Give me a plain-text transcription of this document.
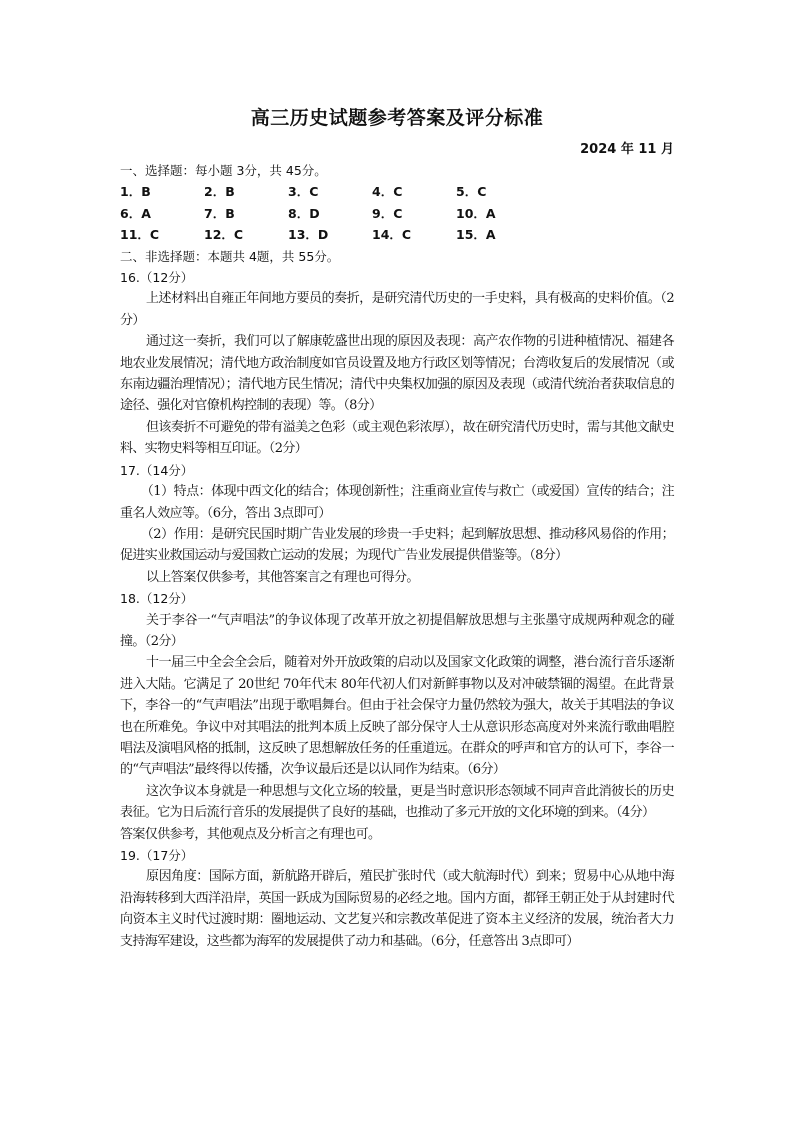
高三历史试题参考答案及评分标准
2024 年 11 月

一、选择题：每小题 3分，共 45分。

1．B	2．B	3．C	4．C	5．C
6．A	7．B	8．D	9．C	10．A
11．C	12．C	13．D	14．C	15．A

二、非选择题：本题共 4题，共 55分。

16.（12分）

上述材料出自雍正年间地方要员的奏折，是研究清代历史的一手史料，具有极高的史料价值。（2分）

通过这一奏折，我们可以了解康乾盛世出现的原因及表现：高产农作物的引进种植情况、福建各地农业发展情况；清代地方政治制度如官员设置及地方行政区划等情况；台湾收复后的发展情况（或东南边疆治理情况）；清代地方民生情况；清代中央集权加强的原因及表现（或清代统治者获取信息的途径、强化对官僚机构控制的表现）等。（8分）

但该奏折不可避免的带有溢美之色彩（或主观色彩浓厚），故在研究清代历史时，需与其他文献史料、实物史料等相互印证。（2分）

17.（14分）

（1）特点：体现中西文化的结合；体现创新性；注重商业宣传与救亡（或爱国）宣传的结合；注重名人效应等。（6分，答出 3点即可）

（2）作用：是研究民国时期广告业发展的珍贵一手史料；起到解放思想、推动移风易俗的作用；促进实业救国运动与爱国救亡运动的发展；为现代广告业发展提供借鉴等。（8分）

以上答案仅供参考，其他答案言之有理也可得分。

18.（12分）

关于李谷一“气声唱法”的争议体现了改革开放之初提倡解放思想与主张墨守成规两种观念的碰撞。（2分）

十一届三中全会全会后，随着对外开放政策的启动以及国家文化政策的调整，港台流行音乐逐渐进入大陆。它满足了 20世纪 70年代末 80年代初人们对新鲜事物以及对冲破禁锢的渴望。在此背景下，李谷一的“气声唱法”出现于歌唱舞台。但由于社会保守力量仍然较为强大，故关于其唱法的争议也在所难免。争议中对其唱法的批判本质上反映了部分保守人士从意识形态高度对外来流行歌曲唱腔唱法及演唱风格的抵制，这反映了思想解放任务的任重道远。在群众的呼声和官方的认可下，李谷一的“气声唱法”最终得以传播，次争议最后还是以认同作为结束。（6分）

这次争议本身就是一种思想与文化立场的较量，更是当时意识形态领域不同声音此消彼长的历史表征。它为日后流行音乐的发展提供了良好的基础，也推动了多元开放的文化环境的到来。（4分）

答案仅供参考，其他观点及分析言之有理也可。

19.（17分）

原因角度：国际方面，新航路开辟后，殖民扩张时代（或大航海时代）到来；贸易中心从地中海沿海转移到大西洋沿岸，英国一跃成为国际贸易的必经之地。国内方面，都铎王朝正处于从封建时代向资本主义时代过渡时期：圈地运动、文艺复兴和宗教改革促进了资本主义经济的发展，统治者大力支持海军建设，这些都为海军的发展提供了动力和基础。（6分，任意答出 3点即可）
